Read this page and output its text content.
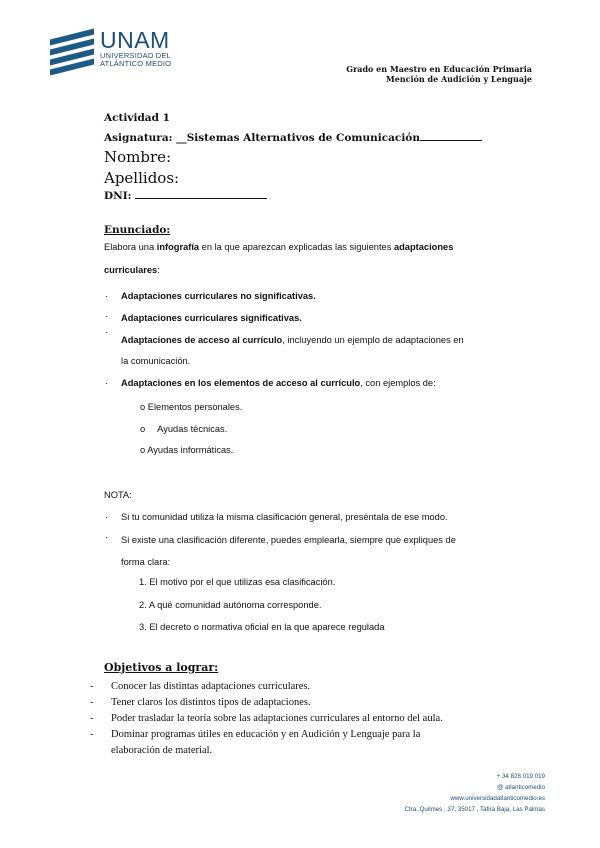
UNAM
UNIVERSIDAD DEL
ATLÁNTICO MEDIO
Grado en Maestro en Educación Primaria
Mención de Audición y Lenguaje
Actividad 1
Asignatura: __Sistemas Alternativos de Comunicación
Nombre:
Apellidos:
DNI:
Enunciado:
Elabora una infografía en la que aparezcan explicadas las siguientes adaptaciones
curriculares:
· Adaptaciones curriculares no significativas.
· Adaptaciones curriculares significativas.
·
Adaptaciones de acceso al currículo, incluyendo un ejemplo de adaptaciones en
la comunicación.
· Adaptaciones en los elementos de acceso al currículo, con ejemplos de:
o Elementos personales.
o Ayudas técnicas.
o Ayudas informáticas.
NOTA:
· Si tu comunidad utiliza la misma clasificación general, preséntala de ese modo.
· Si existe una clasificación diferente, puedes emplearla, siempre que expliques de
forma clara:
1. El motivo por el que utilizas esa clasificación.
2. A qué comunidad autónoma corresponde.
3. El decreto o normativa oficial en la que aparece regulada
Objetivos a lograr:
- Conocer las distintas adaptaciones curriculares.
- Tener claros los distintos tipos de adaptaciones.
- Poder trasladar la teoría sobre las adaptaciones curriculares al entorno del aula.
- Dominar programas útiles en educación y en Audición y Lenguaje para la
elaboración de material.
+ 34 828 019 019
@ atlanticomedio
www.universidadatlanticomedio.es
Ctra. Quilmes , 37, 35017 , Tafira Baja, Las Palmas
